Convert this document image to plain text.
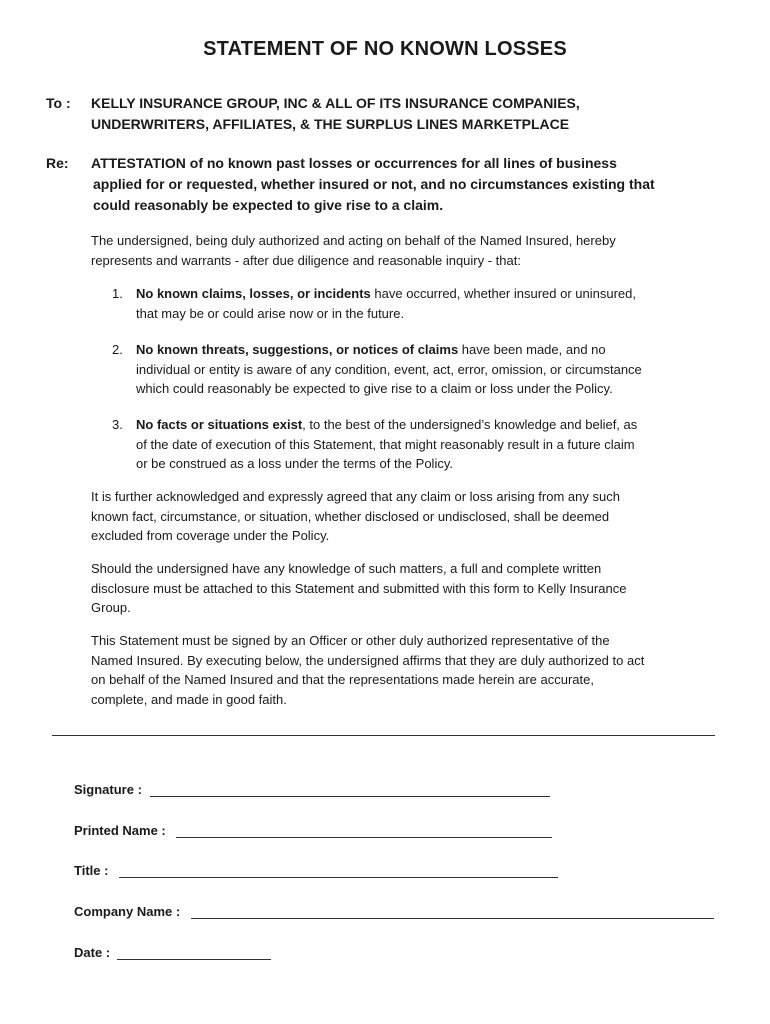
STATEMENT OF NO KNOWN LOSSES
To :	KELLY INSURANCE GROUP, INC & ALL OF ITS INSURANCE COMPANIES,
UNDERWRITERS, AFFILIATES, & THE SURPLUS LINES MARKETPLACE
Re:	ATTESTATION of no known past losses or occurrences for all lines of business
applied for or requested, whether insured or not, and no circumstances existing that
could reasonably be expected to give rise to a claim.
The undersigned, being duly authorized and acting on behalf of the Named Insured, hereby
represents and warrants - after due diligence and reasonable inquiry - that:
1. No known claims, losses, or incidents have occurred, whether insured or uninsured,
that may be or could arise now or in the future.
2. No known threats, suggestions, or notices of claims have been made, and no
individual or entity is aware of any condition, event, act, error, omission, or circumstance
which could reasonably be expected to give rise to a claim or loss under the Policy.
3. No facts or situations exist, to the best of the undersigned’s knowledge and belief, as
of the date of execution of this Statement, that might reasonably result in a future claim
or be construed as a loss under the terms of the Policy.
It is further acknowledged and expressly agreed that any claim or loss arising from any such
known fact, circumstance, or situation, whether disclosed or undisclosed, shall be deemed
excluded from coverage under the Policy.
Should the undersigned have any knowledge of such matters, a full and complete written
disclosure must be attached to this Statement and submitted with this form to Kelly Insurance
Group.
This Statement must be signed by an Officer or other duly authorized representative of the
Named Insured. By executing below, the undersigned affirms that they are duly authorized to act
on behalf of the Named Insured and that the representations made herein are accurate,
complete, and made in good faith.
Signature :
Printed Name :
Title :
Company Name :
Date :
